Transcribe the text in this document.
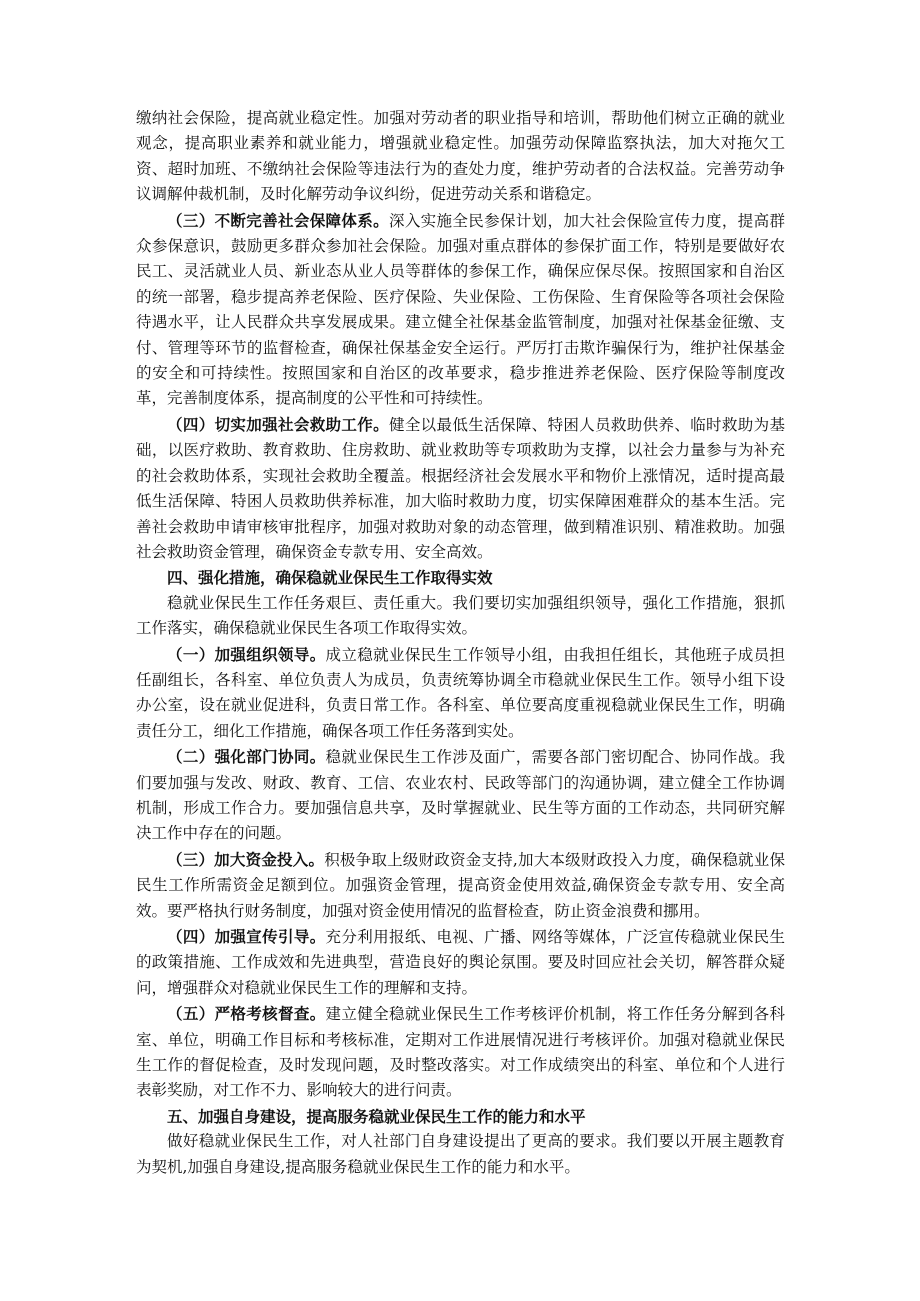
缴纳社会保险，提高就业稳定性。加强对劳动者的职业指导和培训，帮助他们树立正确的就业观念，提高职业素养和就业能力，增强就业稳定性。加强劳动保障监察执法，加大对拖欠工资、超时加班、不缴纳社会保险等违法行为的查处力度，维护劳动者的合法权益。完善劳动争议调解仲裁机制，及时化解劳动争议纠纷，促进劳动关系和谐稳定。

（三）不断完善社会保障体系。深入实施全民参保计划，加大社会保险宣传力度，提高群众参保意识，鼓励更多群众参加社会保险。加强对重点群体的参保扩面工作，特别是要做好农民工、灵活就业人员、新业态从业人员等群体的参保工作，确保应保尽保。按照国家和自治区的统一部署，稳步提高养老保险、医疗保险、失业保险、工伤保险、生育保险等各项社会保险待遇水平，让人民群众共享发展成果。建立健全社保基金监管制度，加强对社保基金征缴、支付、管理等环节的监督检查，确保社保基金安全运行。严厉打击欺诈骗保行为，维护社保基金的安全和可持续性。按照国家和自治区的改革要求，稳步推进养老保险、医疗保险等制度改革，完善制度体系，提高制度的公平性和可持续性。

（四）切实加强社会救助工作。健全以最低生活保障、特困人员救助供养、临时救助为基础，以医疗救助、教育救助、住房救助、就业救助等专项救助为支撑，以社会力量参与为补充的社会救助体系，实现社会救助全覆盖。根据经济社会发展水平和物价上涨情况，适时提高最低生活保障、特困人员救助供养标准，加大临时救助力度，切实保障困难群众的基本生活。完善社会救助申请审核审批程序，加强对救助对象的动态管理，做到精准识别、精准救助。加强社会救助资金管理，确保资金专款专用、安全高效。

四、强化措施，确保稳就业保民生工作取得实效

稳就业保民生工作任务艰巨、责任重大。我们要切实加强组织领导，强化工作措施，狠抓工作落实，确保稳就业保民生各项工作取得实效。

（一）加强组织领导。成立稳就业保民生工作领导小组，由我担任组长，其他班子成员担任副组长，各科室、单位负责人为成员，负责统筹协调全市稳就业保民生工作。领导小组下设办公室，设在就业促进科，负责日常工作。各科室、单位要高度重视稳就业保民生工作，明确责任分工，细化工作措施，确保各项工作任务落到实处。

（二）强化部门协同。稳就业保民生工作涉及面广，需要各部门密切配合、协同作战。我们要加强与发改、财政、教育、工信、农业农村、民政等部门的沟通协调，建立健全工作协调机制，形成工作合力。要加强信息共享，及时掌握就业、民生等方面的工作动态，共同研究解决工作中存在的问题。

（三）加大资金投入。积极争取上级财政资金支持,加大本级财政投入力度，确保稳就业保民生工作所需资金足额到位。加强资金管理，提高资金使用效益,确保资金专款专用、安全高效。要严格执行财务制度，加强对资金使用情况的监督检查，防止资金浪费和挪用。

（四）加强宣传引导。充分利用报纸、电视、广播、网络等媒体，广泛宣传稳就业保民生的政策措施、工作成效和先进典型，营造良好的舆论氛围。要及时回应社会关切，解答群众疑问，增强群众对稳就业保民生工作的理解和支持。

（五）严格考核督查。建立健全稳就业保民生工作考核评价机制，将工作任务分解到各科室、单位，明确工作目标和考核标准，定期对工作进展情况进行考核评价。加强对稳就业保民生工作的督促检查，及时发现问题，及时整改落实。对工作成绩突出的科室、单位和个人进行表彰奖励，对工作不力、影响较大的进行问责。

五、加强自身建设，提高服务稳就业保民生工作的能力和水平

做好稳就业保民生工作，对人社部门自身建设提出了更高的要求。我们要以开展主题教育为契机,加强自身建设,提高服务稳就业保民生工作的能力和水平。
